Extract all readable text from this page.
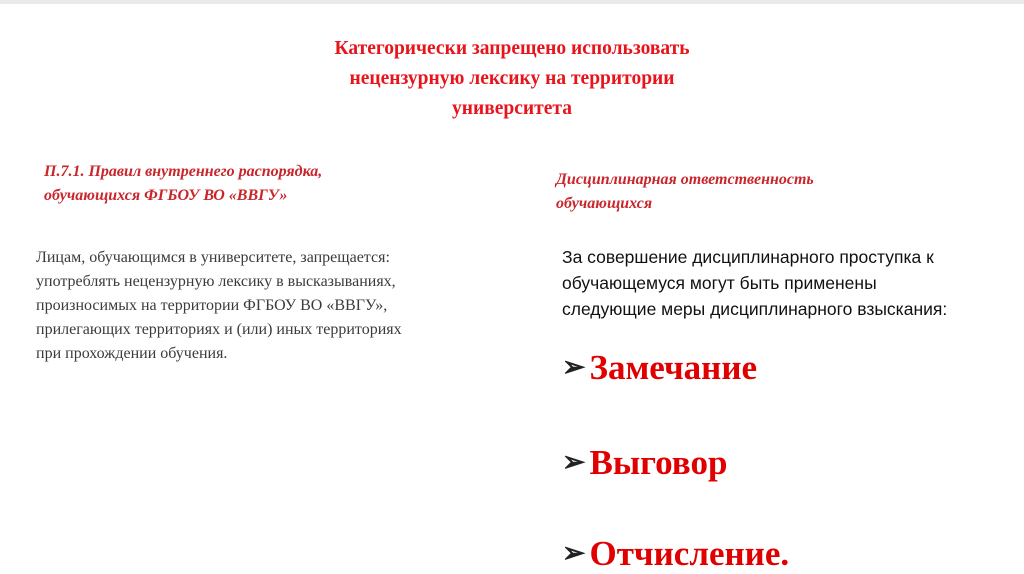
Категорически запрещено использовать
нецензурную лексику на территории
университета
П.7.1. Правил внутреннего распорядка,
обучающихся ФГБОУ ВО «ВВГУ»
Лицам, обучающимся в университете, запрещается:
употреблять нецензурную лексику в высказываниях,
произносимых на территории ФГБОУ ВО «ВВГУ»,
прилегающих территориях и (или) иных территориях
при прохождении обучения.
Дисциплинарная ответственность
обучающихся
За совершение дисциплинарного проступка к
обучающемуся могут быть применены
следующие меры дисциплинарного взыскания:
➢ Замечание
➢ Выговор
➢ Отчисление.
